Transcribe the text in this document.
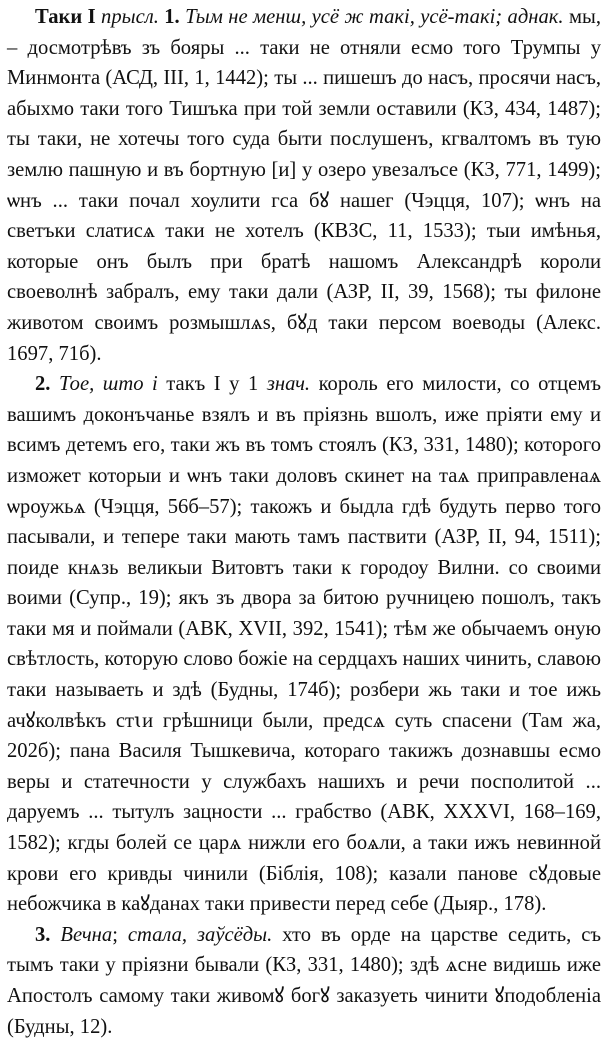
Таки I прысл. 1. Тым не менш, усё ж такі, усё-такі; аднак. мы, – досмотрѣвъ зъ бояры ... таки не отняли есмо того Трумпы у Минмонта (АСД, III, 1, 1442); ты ... пишешъ до насъ, просячи насъ, абыхмо таки того Тишъка при той земли оставили (КЗ, 434, 1487); ты таки, не хотечы того суда быти послушенъ, кгвалтомъ въ тую землю пашную и въ бортную [и] у озеро увезалъсе (КЗ, 771, 1499); ѡнъ ... таки почал хоулити гса бꙋ нашег (Чэцця, 107); ѡнъ на светъки слатисѧ таки не хотелъ (КВЗС, 11, 1533); тыи имѣнья, которые онъ былъ при братѣ нашомъ Александрѣ короли своеволнѣ забралъ, ему таки дали (АЗР, II, 39, 1568); ты филоне животом своимъ розмышлѧs, бꙋд таки персом воеводы (Алекс. 1697, 71б).

2. Тое, што і такъ I у 1 знач. король его милости, со отцемъ вашимъ доконъчанье взялъ и въ пріязнь вшолъ, иже пріяти ему и всимъ детемъ его, таки жъ въ томъ стоялъ (КЗ, 331, 1480); которого изможет которыи и ѡнъ таки доловъ скинет на таѧ приправленаѧ ѡроужьѧ (Чэцця, 56б–57); такожъ и быдла гдѣ будуть перво того пасывали, и тепере таки мають тамъ паствити (АЗР, II, 94, 1511); поиде кнѧзь великыи Витовтъ таки к городоу Вилни. со своими воими (Супр., 19); якъ зъ двора за битою ручницею пошолъ, такъ таки мя и поймали (АВК, XVII, 392, 1541); тѣм же обычаемъ оную свѣтлость, которую слово божіе на сердцахъ наших чинить, славою таки называеть и здѣ (Будны, 174б); розбери жь таки и тое ижь ачꙋколвѣкъ стꙇи грѣшници были, предсѧ суть спасени (Там жа, 202б); пана Василя Тышкевича, котораго такижъ дознавшы есмо веры и статечности у службахъ нашихъ и речи посполитой ... даруемъ ... тытулъ зацности ... грабство (АВК, XXXVI, 168–169, 1582); кгды болей се царѧ нижли его боѧли, а таки ижъ невинной крови его кривды чинили (Біблія, 108); казали панове сꙋдовые небожчика в каꙋданах таки привести перед себе (Дыяр., 178).

3. Вечна; стала, заўсёды. хто въ орде на царстве седить, съ тымъ таки у пріязни бывали (КЗ, 331, 1480); здѣ ѧсне видишь иже Апостолъ самому таки живомꙋ богꙋ заказуеть чинити ꙋподобленіа (Будны, 12).
